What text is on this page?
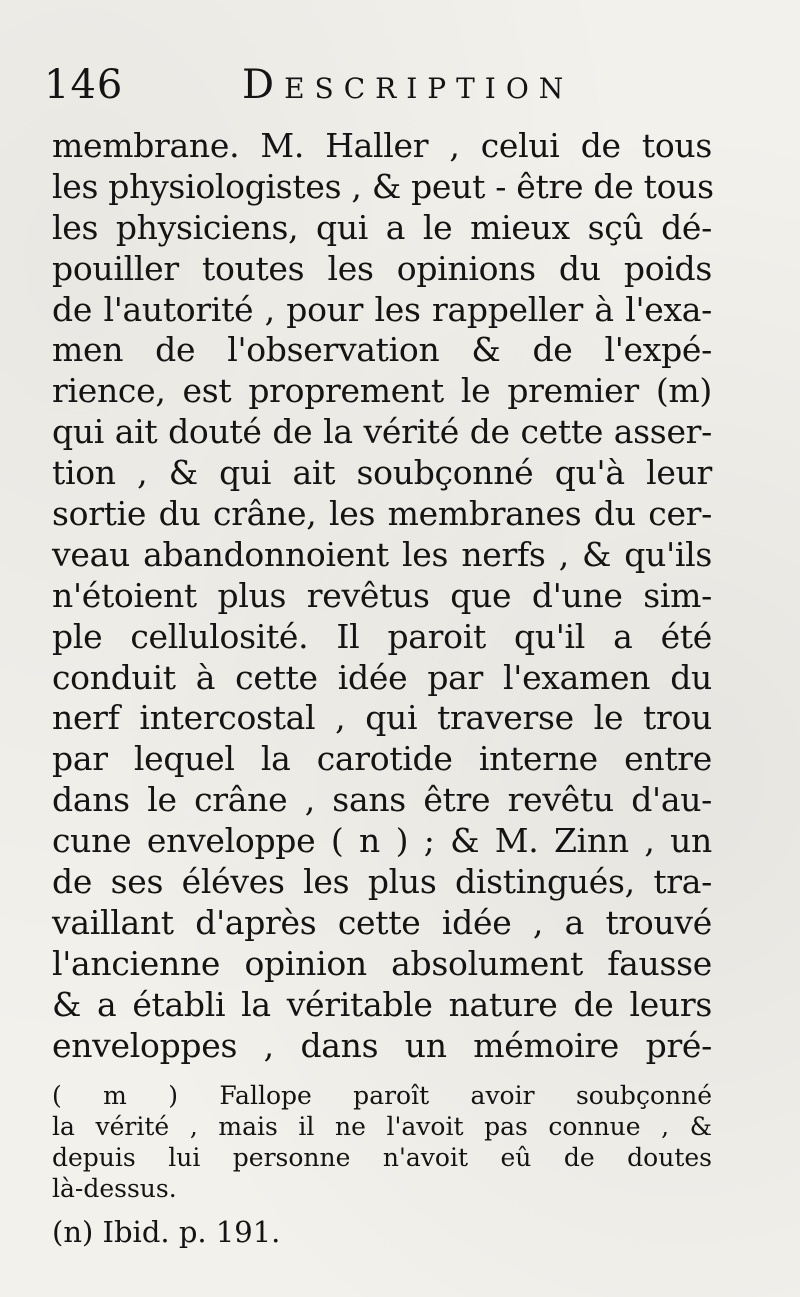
146	Description
membrane. M. Haller , celui de tous
les physiologistes , & peut - être de tous
les physiciens, qui a le mieux sçû dé-
pouiller toutes les opinions du poids
de l'autorité , pour les rappeller à l'exa-
men de l'observation & de l'expé-
rience, est proprement le premier (m)
qui ait douté de la vérité de cette asser-
tion , & qui ait soubçonné qu'à leur
sortie du crâne, les membranes du cer-
veau abandonnoient les nerfs , & qu'ils
n'étoient plus revêtus que d'une sim-
ple cellulosité. Il paroit qu'il a été
conduit à cette idée par l'examen du
nerf intercostal , qui traverse le trou
par lequel la carotide interne entre
dans le crâne , sans être revêtu d'au-
cune enveloppe ( n ) ; & M. Zinn , un
de ses éléves les plus distingués, tra-
vaillant d'après cette idée , a trouvé
l'ancienne opinion absolument fausse
& a établi la véritable nature de leurs
enveloppes , dans un mémoire pré-
( m ) Fallope paroît avoir soubçonné
la vérité , mais il ne l'avoit pas connue , &
depuis lui personne n'avoit eû de doutes
là-dessus.
(n) Ibid. p. 191.
